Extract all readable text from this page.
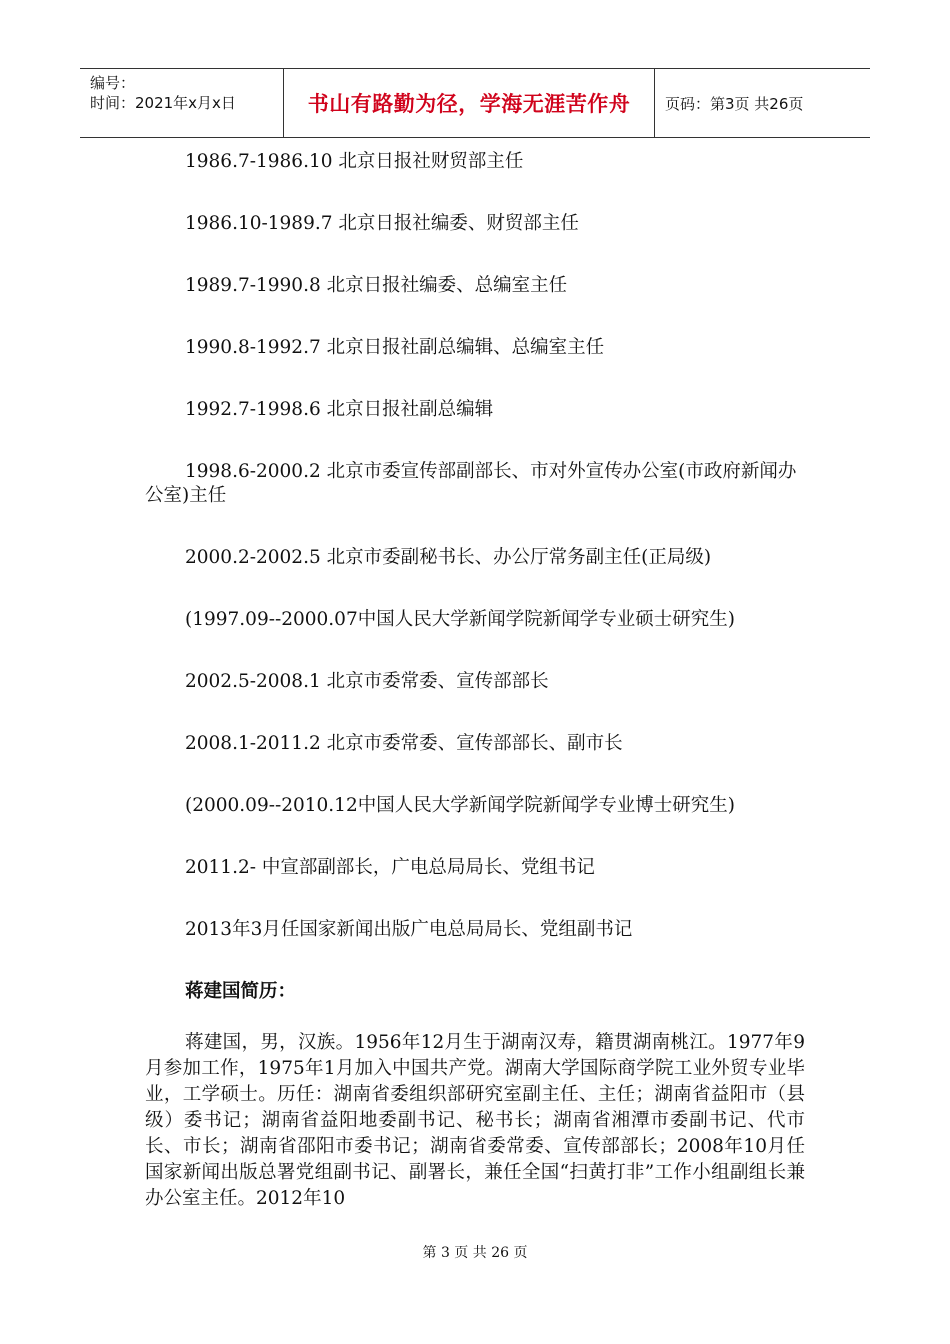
编号：
时间：2021年x月x日	书山有路勤为径，学海无涯苦作舟 页码：第3页 共26页

1986.7-1986.10 北京日报社财贸部主任

1986.10-1989.7 北京日报社编委、财贸部主任

1989.7-1990.8 北京日报社编委、总编室主任

1990.8-1992.7 北京日报社副总编辑、总编室主任

1992.7-1998.6 北京日报社副总编辑

1998.6-2000.2 北京市委宣传部副部长、市对外宣传办公室(市政府新闻办公室)主任

2000.2-2002.5 北京市委副秘书长、办公厅常务副主任(正局级)

(1997.09--2000.07中国人民大学新闻学院新闻学专业硕士研究生)

2002.5-2008.1 北京市委常委、宣传部部长

2008.1-2011.2 北京市委常委、宣传部部长、副市长

(2000.09--2010.12中国人民大学新闻学院新闻学专业博士研究生)

2011.2- 中宣部副部长，广电总局局长、党组书记

2013年3月任国家新闻出版广电总局局长、党组副书记

蒋建国简历：

蒋建国，男，汉族。1956年12月生于湖南汉寿，籍贯湖南桃江。1977年9月参加工作，1975年1月加入中国共产党。湖南大学国际商学院工业外贸专业毕业，工学硕士。历任：湖南省委组织部研究室副主任、主任；湖南省益阳市（县级）委书记；湖南省益阳地委副书记、秘书长；湖南省湘潭市委副书记、代市长、市长；湖南省邵阳市委书记；湖南省委常委、宣传部部长；2008年10月任国家新闻出版总署党组副书记、副署长，兼任全国“扫黄打非”工作小组副组长兼办公室主任。2012年10

第 3 页 共 26 页
